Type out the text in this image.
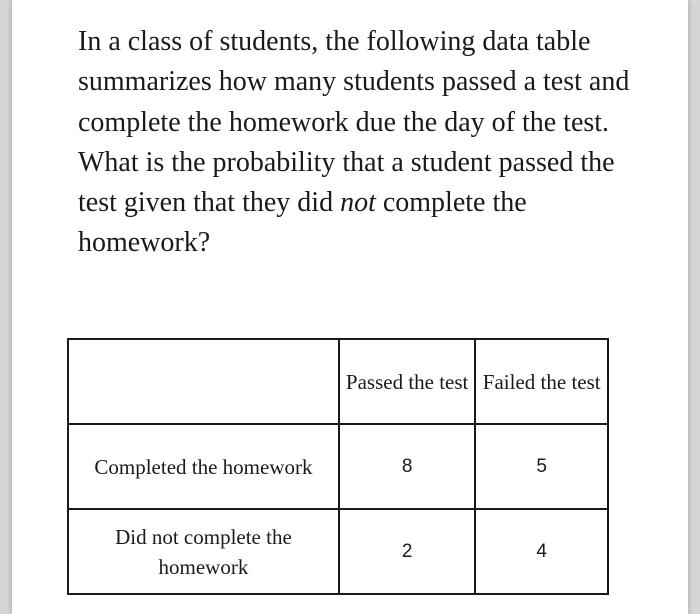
In a class of students, the following data table summarizes how many students passed a test and complete the homework due the day of the test. What is the probability that a student passed the test given that they did not complete the homework?

	Passed the test	Failed the test
Completed the homework	8	5
Did not complete the homework	2	4
